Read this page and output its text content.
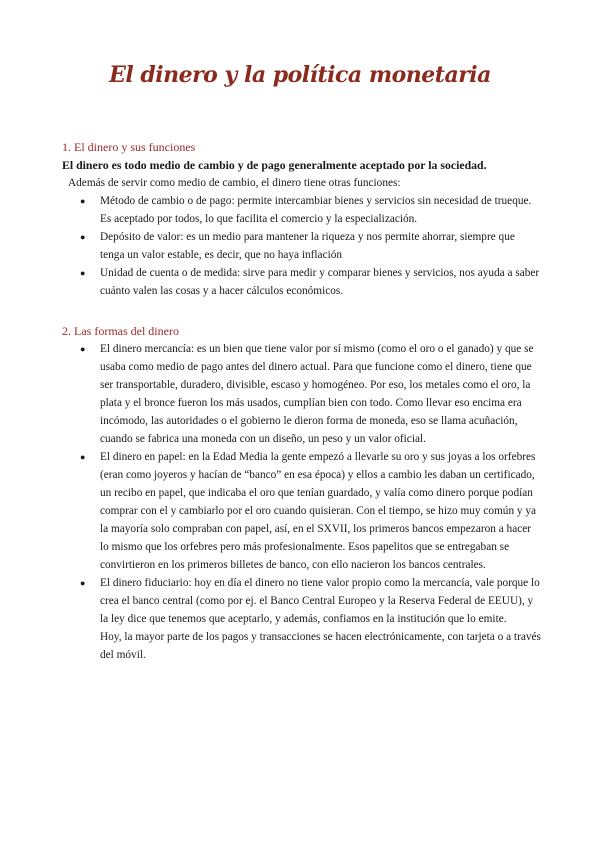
El dinero y la política monetaria

1. El dinero y sus funciones

El dinero es todo medio de cambio y de pago generalmente aceptado por la sociedad.

Además de servir como medio de cambio, el dinero tiene otras funciones:

● Método de cambio o de pago: permite intercambiar bienes y servicios sin necesidad de trueque. Es aceptado por todos, lo que facilita el comercio y la especialización.
● Depósito de valor: es un medio para mantener la riqueza y nos permite ahorrar, siempre que tenga un valor estable, es decir, que no haya inflación
● Unidad de cuenta o de medida: sirve para medir y comparar bienes y servicios, nos ayuda a saber cuánto valen las cosas y a hacer cálculos económicos.

2. Las formas del dinero

● El dinero mercancía: es un bien que tiene valor por sí mismo (como el oro o el ganado) y que se usaba como medio de pago antes del dinero actual. Para que funcione como el dinero, tiene que ser transportable, duradero, divisible, escaso y homogéneo. Por eso, los metales como el oro, la plata y el bronce fueron los más usados, cumplían bien con todo. Como llevar eso encima era incómodo, las autoridades o el gobierno le dieron forma de moneda, eso se llama acuñación, cuando se fabrica una moneda con un diseño, un peso y un valor oficial.
● El dinero en papel: en la Edad Media la gente empezó a llevarle su oro y sus joyas a los orfebres (eran como joyeros y hacían de “banco” en esa época) y ellos a cambio les daban un certificado, un recibo en papel, que indicaba el oro que tenían guardado, y valía como dinero porque podían comprar con el y cambiarlo por el oro cuando quisieran. Con el tiempo, se hizo muy común y ya la mayoría solo compraban con papel, así, en el SXVII, los primeros bancos empezaron a hacer lo mismo que los orfebres pero más profesionalmente. Esos papelitos que se entregaban se convirtieron en los primeros billetes de banco, con ello nacieron los bancos centrales.
● El dinero fiduciario: hoy en día el dinero no tiene valor propio como la mercancía, vale porque lo crea el banco central (como por ej. el Banco Central Europeo y la Reserva Federal de EEUU), y la ley dice que tenemos que aceptarlo, y además, confiamos en la institución que lo emite.

Hoy, la mayor parte de los pagos y transacciones se hacen electrónicamente, con tarjeta o a través del móvil.
